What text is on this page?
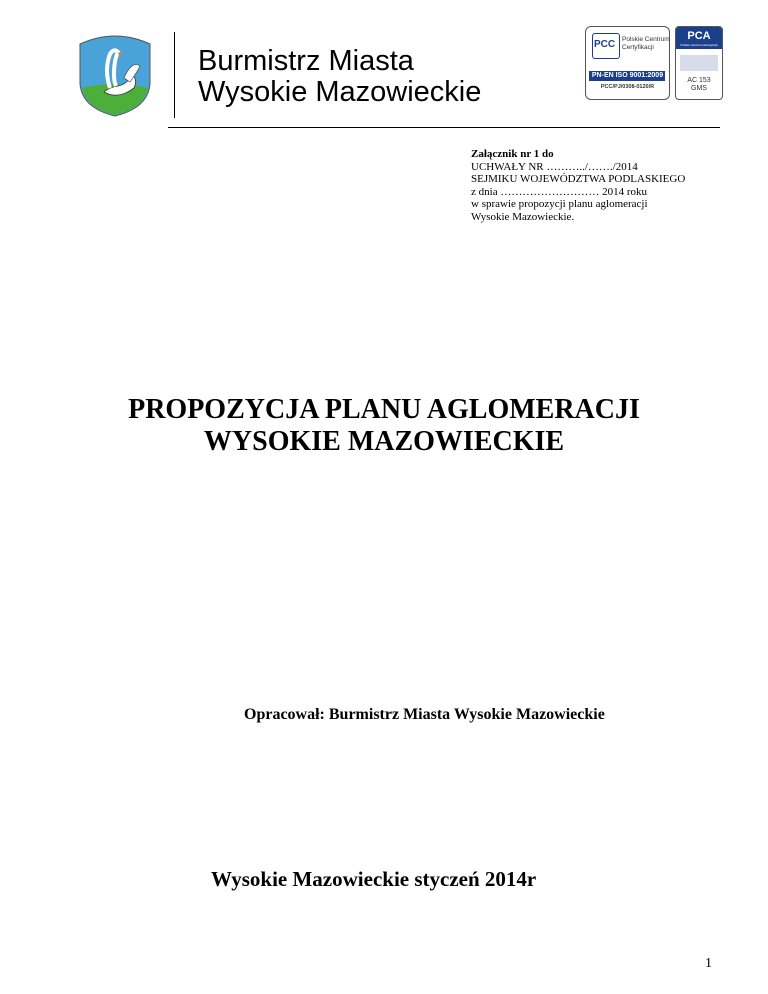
Burmistrz Miasta
Wysokie Mazowieckie
PCC Polskie Centrum
Certyfikacji
PN-EN ISO 9001:2009
PCC/PJ/0308-0120/R
PCA
Polskie Centrum Akredytacji
AC 153
GMS
Załącznik nr 1 do
UCHWAŁY NR ………../……./2014
SEJMIKU WOJEWÓDZTWA PODLASKIEGO
z dnia ……………………… 2014 roku
w sprawie propozycji planu aglomeracji
Wysokie Mazowieckie.
PROPOZYCJA PLANU AGLOMERACJI
WYSOKIE MAZOWIECKIE
Opracował: Burmistrz Miasta Wysokie Mazowieckie
Wysokie Mazowieckie styczeń 2014r
1
